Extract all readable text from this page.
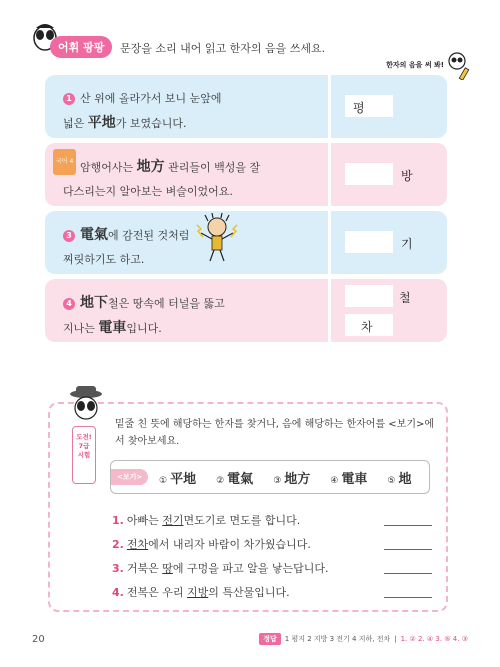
어휘 팡팡	문장을 소리 내어 읽고 한자의 음을 쓰세요.
한자의 음을 써 봐!
1 산 위에 올라가서 보니 눈앞에
넓은 平地가 보였습니다.
평
국어 4 암행어사는 地方 관리들이 백성을 잘
다스리는지 알아보는 벼슬이었어요.
방
3 電氣에 감전된 것처럼
찌릿하기도 하고.
기
4 地下철은 땅속에 터널을 뚫고
지나는 電車입니다.
철
차
도전!
7급
시험
밑줄 친 뜻에 해당하는 한자를 찾거나, 음에 해당하는 한자어를 <보기>에서 찾아보세요.
<보기>	① 平地 ② 電氣 ③ 地方 ④ 電車 ⑤ 地
1. 아빠는 전기면도기로 면도를 합니다.
2. 전차에서 내리자 바람이 차가웠습니다.
3. 거북은 땅에 구멍을 파고 알을 낳는답니다.
4. 전복은 우리 지방의 특산물입니다.
20	정답	1 평지 2 지방 3 전기 4 지하, 전차 | 1. ② 2. ④ 3. ⑤ 4. ③
